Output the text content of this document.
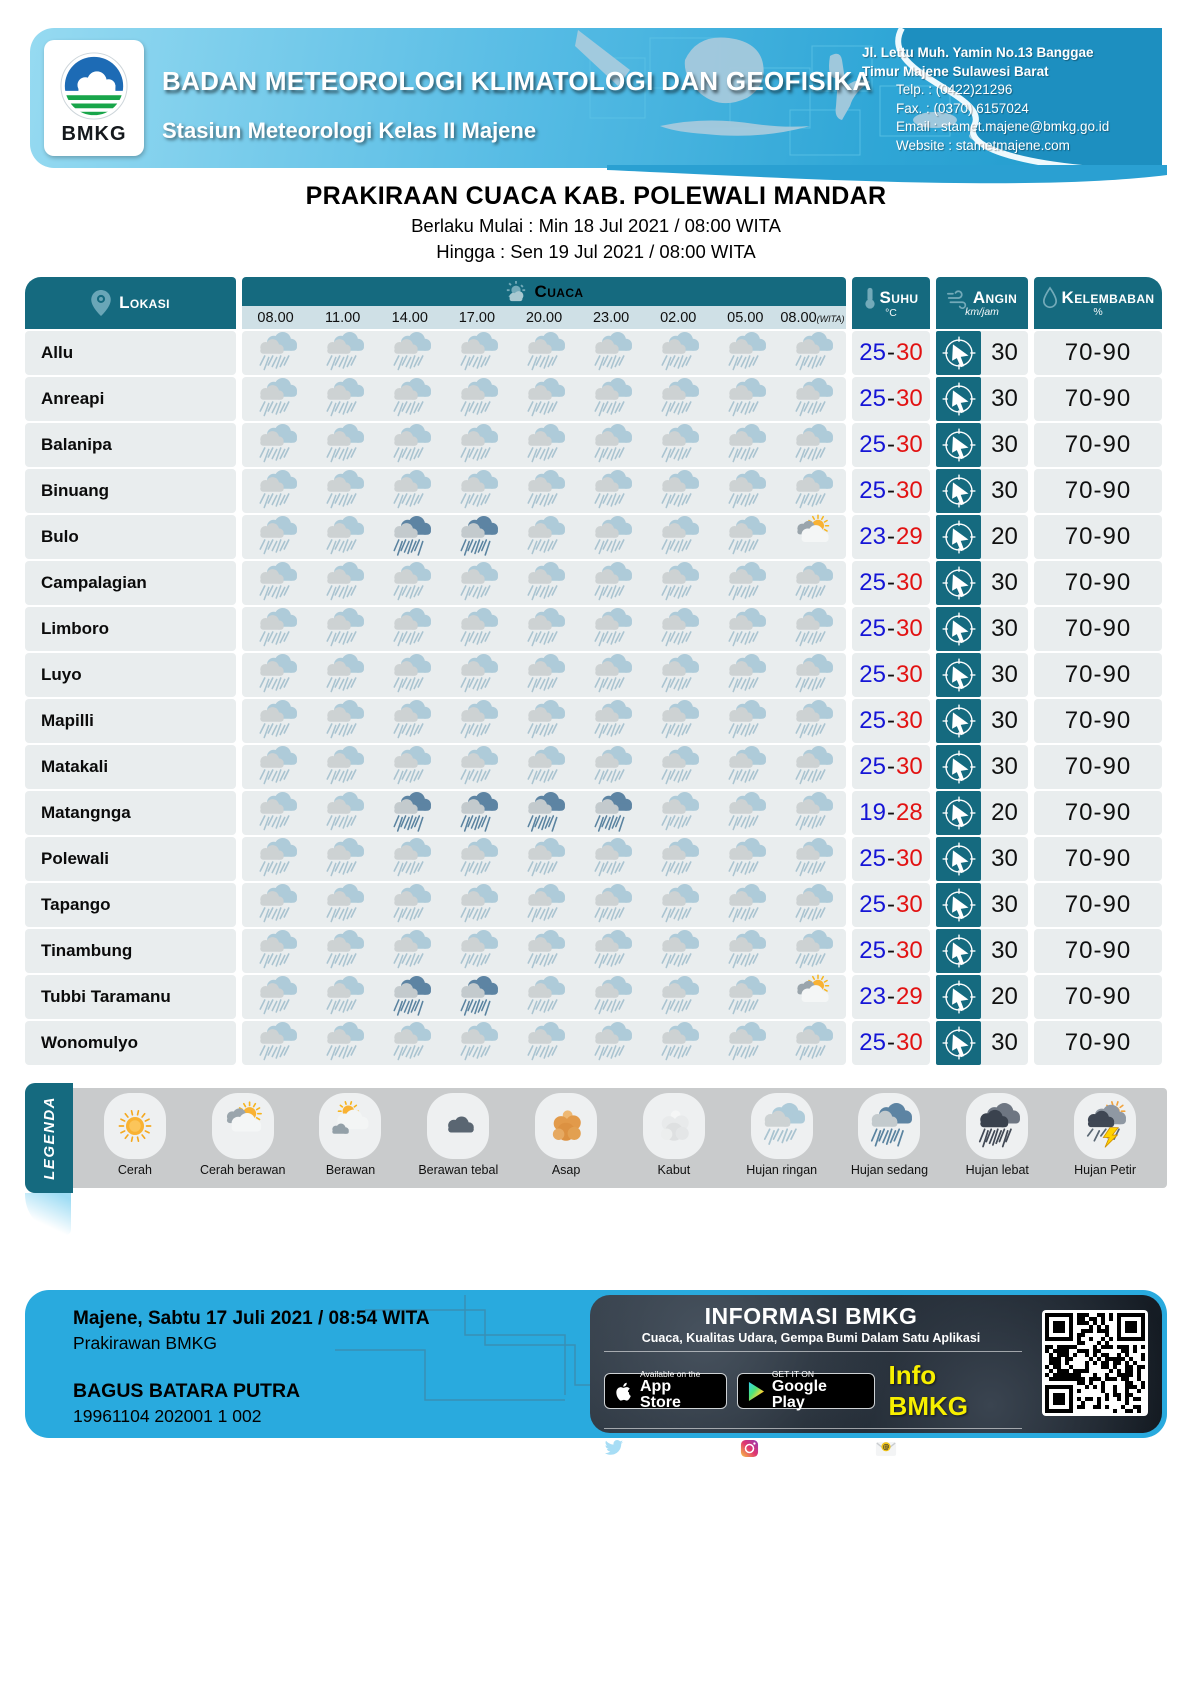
BMKG
BADAN METEOROLOGI KLIMATOLOGI DAN GEOFISIKA
Stasiun Meteorologi Kelas II Majene
Jl. Lettu Muh. Yamin No.13 Banggae
Timur Majene Sulawesi Barat
Telp. : (0422)21296
Fax. : (0370) 6157024
Email : stamet.majene@bmkg.go.id
Website : stametmajene.com
PRAKIRAAN CUACA KAB. POLEWALI MANDAR
Berlaku Mulai : Min 18 Jul 2021 / 08:00 WITA
Hingga : Sen 19 Jul 2021 / 08:00 WITA
Lokasi
Cuaca
08.00	11.00	14.00	17.00	20.00	23.00	02.00	05.00	08.00(WITA)
Suhu
°C
Angin
km/jam
Kelembaban
%
Allu	25 - 30	30	70-90
Anreapi	25 - 30	30	70-90
Balanipa	25 - 30	30	70-90
Binuang	25 - 30	30	70-90
Bulo	23 - 29	20	70-90
Campalagian	25 - 30	30	70-90
Limboro	25 - 30	30	70-90
Luyo	25 - 30	30	70-90
Mapilli	25 - 30	30	70-90
Matakali	25 - 30	30	70-90
Matangnga	19 - 28	20	70-90
Polewali	25 - 30	30	70-90
Tapango	25 - 30	30	70-90
Tinambung	25 - 30	30	70-90
Tubbi Taramanu	23 - 29	20	70-90
Wonomulyo	25 - 30	30	70-90
LEGENDA	Cerah	Cerah berawan	Berawan	Berawan tebal	Asap	Kabut	Hujan ringan	Hujan sedang	Hujan lebat	Hujan Petir
Majene, Sabtu 17 Juli 2021 / 08:54 WITA
Prakirawan BMKG
BAGUS BATARA PUTRA
19961104 202001 1 002
INFORMASI BMKG
Cuaca, Kualitas Udara, Gempa Bumi Dalam Satu Aplikasi
Available on the
App Store
GET IT ON
Google Play
Info BMKG
@infoBMKG	@infoBMKG	@ pws@bmkg.go.id
